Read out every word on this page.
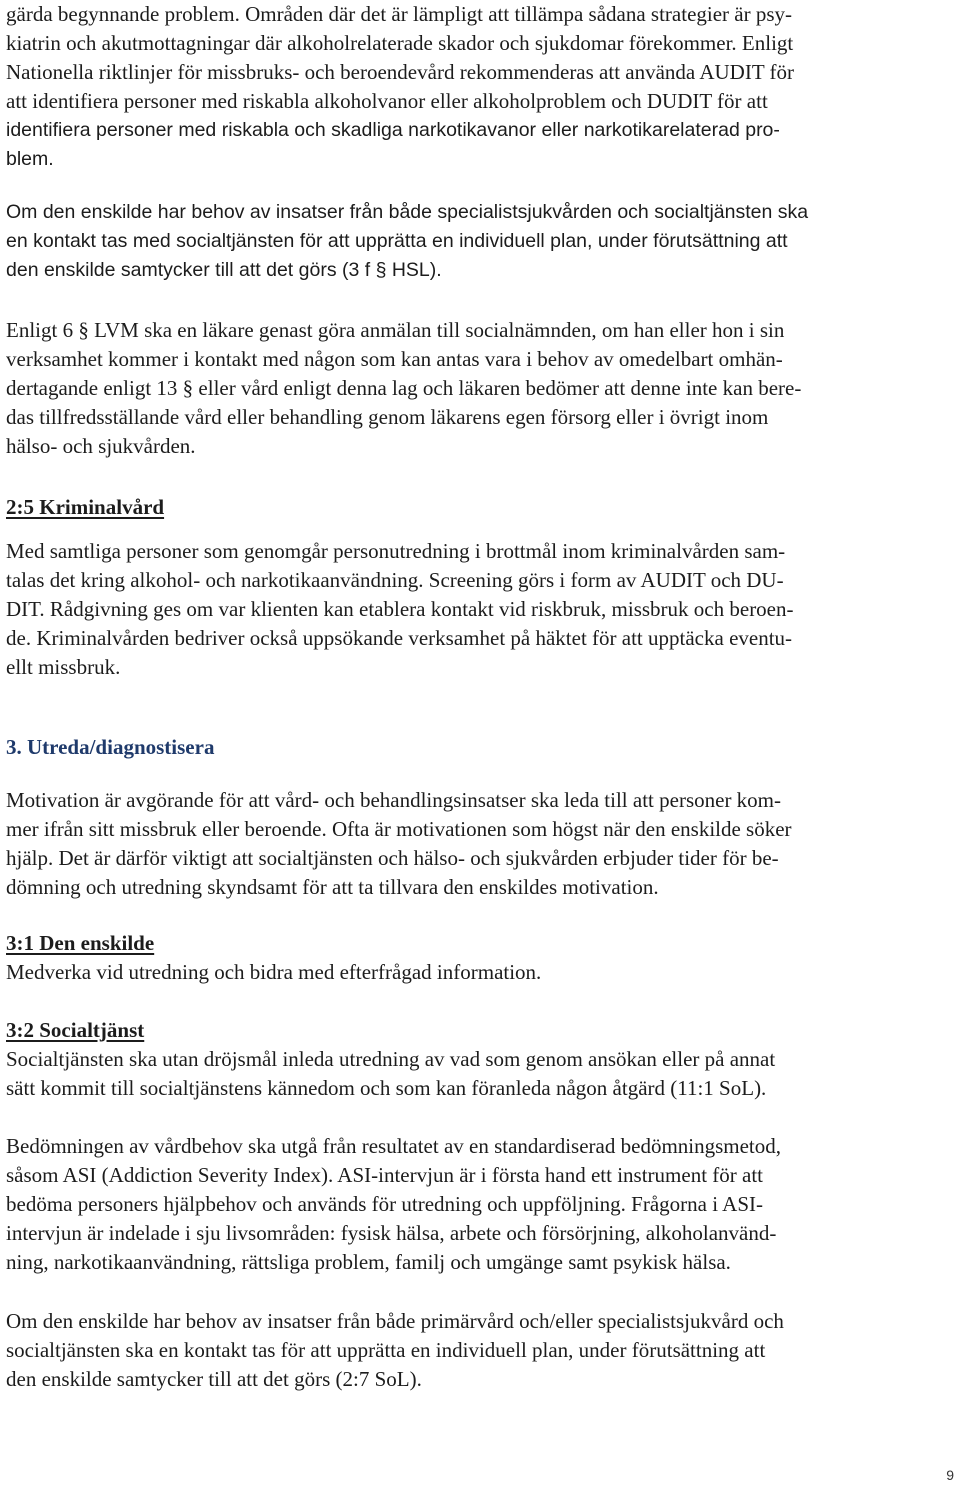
gärda begynnande problem. Områden där det är lämpligt att tillämpa sådana strategier är psy-
kiatrin och akutmottagningar där alkoholrelaterade skador och sjukdomar förekommer. Enligt
Nationella riktlinjer för missbruks- och beroendevård rekommenderas att använda AUDIT för
att identifiera personer med riskabla alkoholvanor eller alkoholproblem och DUDIT för att
identifiera personer med riskabla och skadliga narkotikavanor eller narkotikarelaterad pro-
blem.

Om den enskilde har behov av insatser från både specialistsjukvården och socialtjänsten ska
en kontakt tas med socialtjänsten för att upprätta en individuell plan, under förutsättning att
den enskilde samtycker till att det görs (3 f § HSL).

Enligt 6 § LVM ska en läkare genast göra anmälan till socialnämnden, om han eller hon i sin
verksamhet kommer i kontakt med någon som kan antas vara i behov av omedelbart omhän-
dertagande enligt 13 § eller vård enligt denna lag och läkaren bedömer att denne inte kan bere-
das tillfredsställande vård eller behandling genom läkarens egen försorg eller i övrigt inom
hälso- och sjukvården.

2:5 Kriminalvård

Med samtliga personer som genomgår personutredning i brottmål inom kriminalvården sam-
talas det kring alkohol- och narkotikaanvändning. Screening görs i form av AUDIT och DU-
DIT. Rådgivning ges om var klienten kan etablera kontakt vid riskbruk, missbruk och beroen-
de. Kriminalvården bedriver också uppsökande verksamhet på häktet för att upptäcka eventu-
ellt missbruk.

3. Utreda/diagnostisera

Motivation är avgörande för att vård- och behandlingsinsatser ska leda till att personer kom-
mer ifrån sitt missbruk eller beroende. Ofta är motivationen som högst när den enskilde söker
hjälp. Det är därför viktigt att socialtjänsten och hälso- och sjukvården erbjuder tider för be-
dömning och utredning skyndsamt för att ta tillvara den enskildes motivation.

3:1 Den enskilde

Medverka vid utredning och bidra med efterfrågad information.

3:2 Socialtjänst

Socialtjänsten ska utan dröjsmål inleda utredning av vad som genom ansökan eller på annat
sätt kommit till socialtjänstens kännedom och som kan föranleda någon åtgärd (11:1 SoL).

Bedömningen av vårdbehov ska utgå från resultatet av en standardiserad bedömningsmetod,
såsom ASI (Addiction Severity Index). ASI-intervjun är i första hand ett instrument för att
bedöma personers hjälpbehov och används för utredning och uppföljning. Frågorna i ASI-
intervjun är indelade i sju livsområden: fysisk hälsa, arbete och försörjning, alkoholanvänd-
ning, narkotikaanvändning, rättsliga problem, familj och umgänge samt psykisk hälsa.

Om den enskilde har behov av insatser från både primärvård och/eller specialistsjukvård och
socialtjänsten ska en kontakt tas för att upprätta en individuell plan, under förutsättning att
den enskilde samtycker till att det görs (2:7 SoL).

9
